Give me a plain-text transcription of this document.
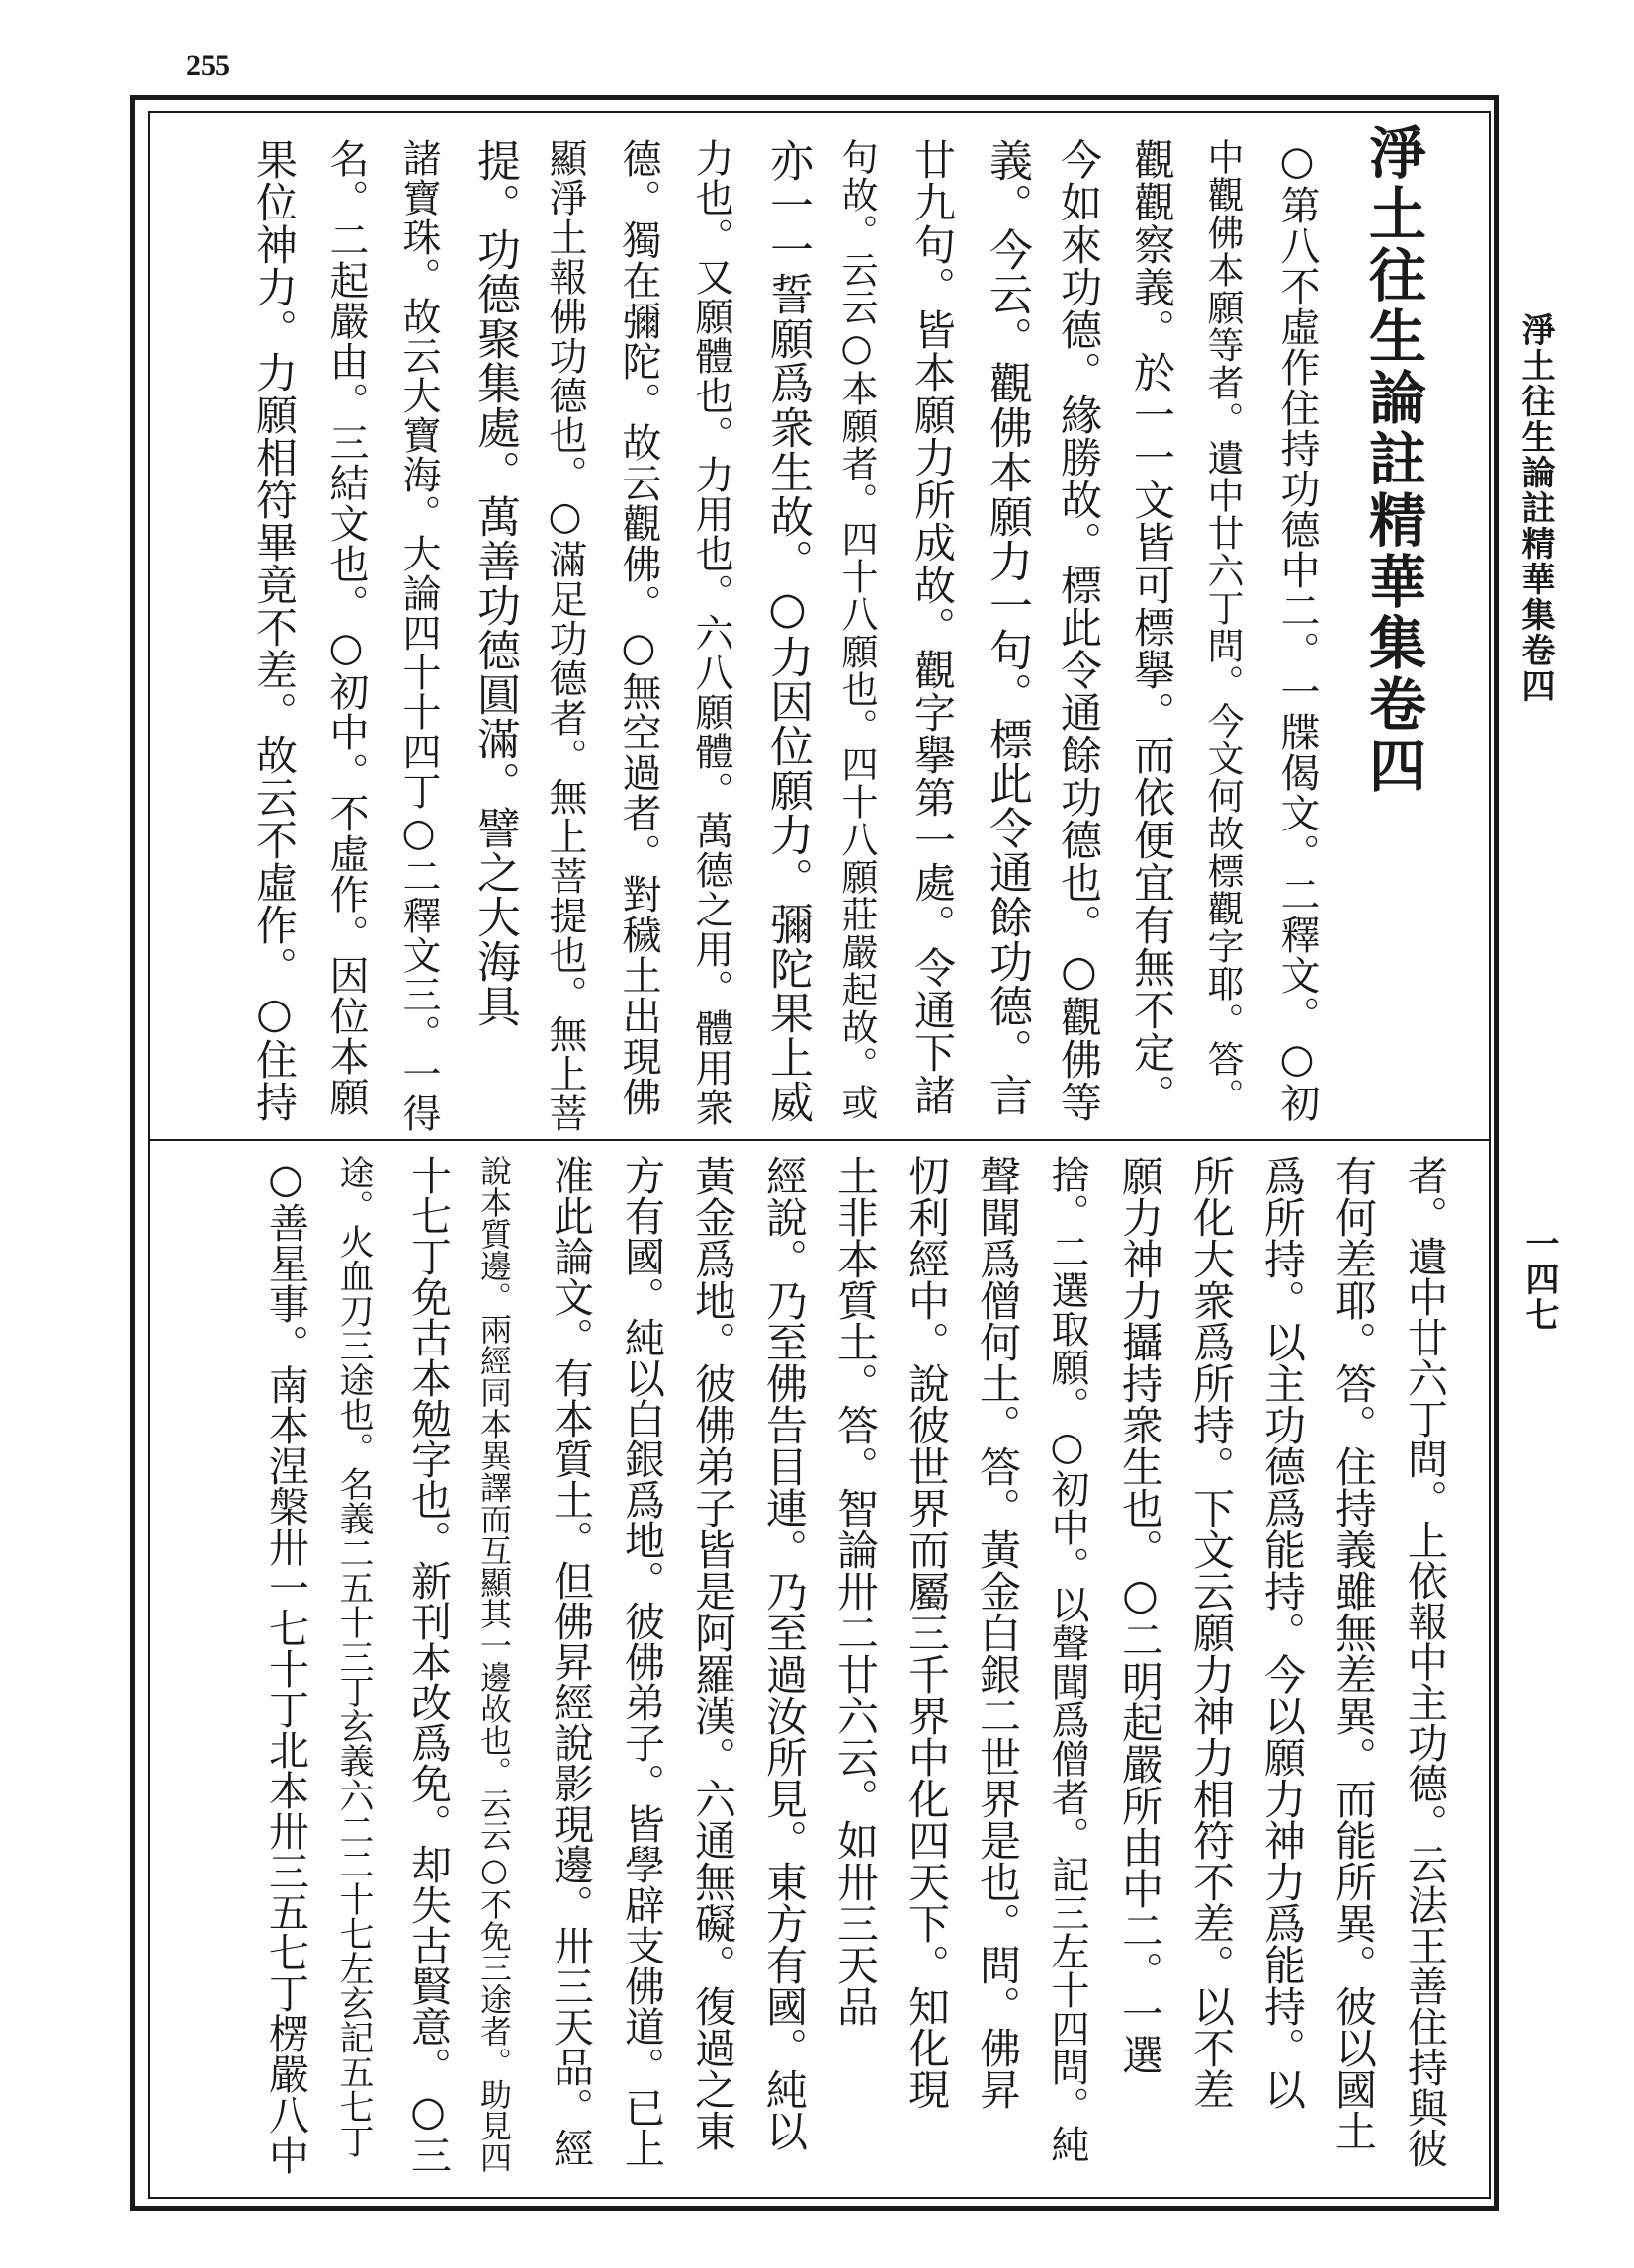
255
淨土往生論註精華集卷四
○第八不虛作住持功德中二。一牒偈文。二釋文。○初
中觀佛本願等者。遺中廿六丁問。今文何故標觀字耶。答。
觀觀察義。於一一文皆可標擧。而依便宜有無不定。
今如來功德。緣勝故。標此令通餘功德也。○觀佛等
義。今云。觀佛本願力一句。標此令通餘功德。言
廿九句。皆本願力所成故。觀字擧第一處。令通下諸
句故。云云○本願者。四十八願也。四十八願莊嚴起故。或
亦一一誓願爲衆生故。○力因位願力。彌陀果上威
力也。又願體也。力用也。六八願體。萬德之用。體用衆
德。獨在彌陀。故云觀佛。○無空過者。對穢土出現佛
顯淨土報佛功德也。○滿足功德者。無上菩提也。無上菩
提。功德聚集處。萬善功德圓滿。譬之大海具
諸寶珠。故云大寶海。大論四十十四丁○二釋文三。一得
名。二起嚴由。三結文也。○初中。不虛作。因位本願
果位神力。力願相符畢竟不差。故云不虛作。○住持
者。遺中廿六丁問。上依報中主功德。云法王善住持與彼
有何差耶。答。住持義雖無差異。而能所異。彼以國土
爲所持。以主功德爲能持。今以願力神力爲能持。以
所化大衆爲所持。下文云願力神力相符不差。以不差
願力神力攝持衆生也。○二明起嚴所由中二。一選
捨。二選取願。○初中。以聲聞爲僧者。記三左十四問。純
聲聞爲僧何土。答。黃金白銀二世界是也。問。佛昇
忉利經中。說彼世界而屬三千界中化四天下。知化現
土非本質土。答。智論卅二廿六云。如卅三天品
經說。乃至佛告目連。乃至過汝所見。東方有國。純以
黃金爲地。彼佛弟子皆是阿羅漢。六通無礙。復過之東
方有國。純以白銀爲地。彼佛弟子。皆學辟支佛道。已上
准此論文。有本質土。但佛昇經說影現邊。卅三天品。經
說本質邊。兩經同本異譯而互顯其一邊故也。云云○不免三途者。助見四
十七丁免古本勉字也。新刊本改爲免。却失古賢意。○三
途。火血刀三途也。名義二五十三丁玄義六二二十七左玄記五七丁
○善星事。南本涅槃卅一七十丁北本卅三五七丁楞嚴八中
淨土往生論註精華集卷四
一四七
